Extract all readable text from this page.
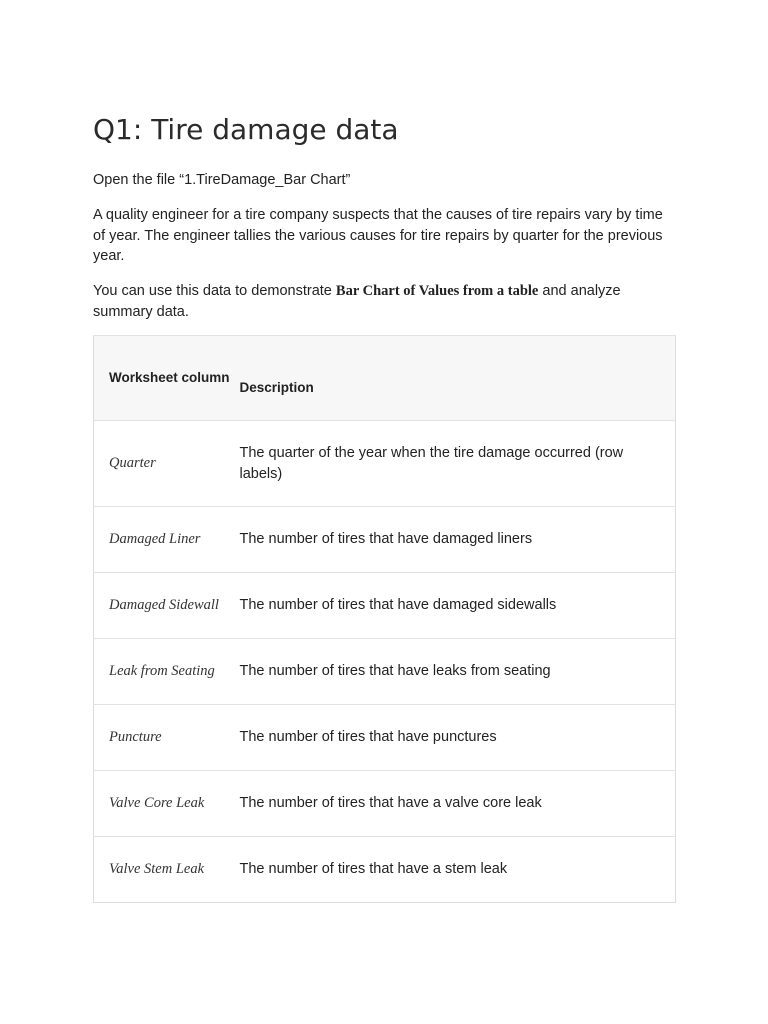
Q1: Tire damage data

Open the file “1.TireDamage_Bar Chart”

A quality engineer for a tire company suspects that the causes of tire repairs vary by time of year. The engineer tallies the various causes for tire repairs by quarter for the previous year.

You can use this data to demonstrate Bar Chart of Values from a table and analyze summary data.

Worksheet column	Description

Quarter	The quarter of the year when the tire damage occurred (row labels)
Damaged Liner	The number of tires that have damaged liners
Damaged Sidewall	The number of tires that have damaged sidewalls
Leak from Seating	The number of tires that have leaks from seating
Puncture	The number of tires that have punctures
Valve Core Leak	The number of tires that have a valve core leak
Valve Stem Leak	The number of tires that have a stem leak
